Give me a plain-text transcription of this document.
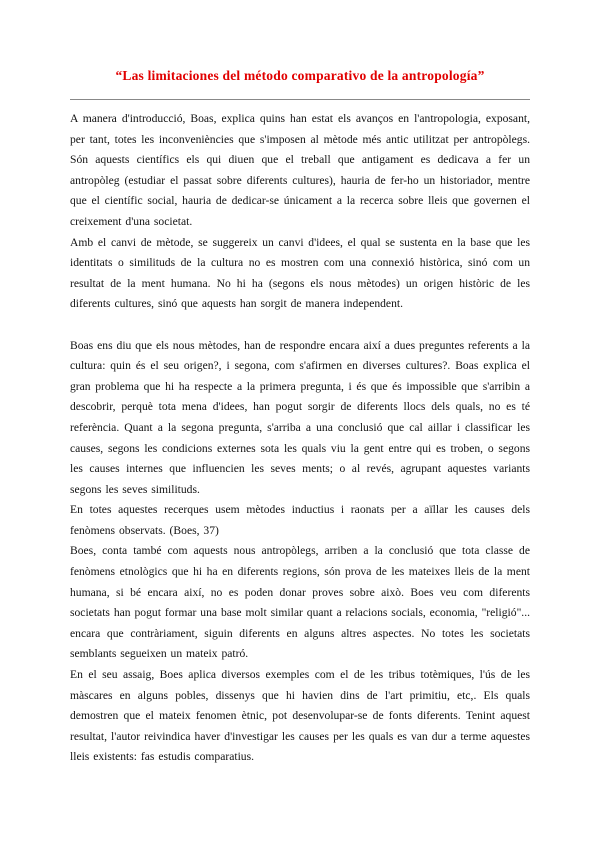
“Las limitaciones del método comparativo de la antropología”

A manera d'introducció, Boas, explica quins han estat els avanços en l'antropologia, exposant, per tant, totes les inconveniències que s'imposen al mètode més antic utilitzat per antropòlegs. Són aquests científics els qui diuen que el treball que antigament es dedicava a fer un antropòleg (estudiar el passat sobre diferents cultures), hauria de fer-ho un historiador, mentre que el científic social, hauria de dedicar-se únicament a la recerca sobre lleis que governen el creixement d'una societat.

Amb el canvi de mètode, se suggereix un canvi d'idees, el qual se sustenta en la base que les identitats o similituds de la cultura no es mostren com una connexió històrica, sinó com un resultat de la ment humana. No hi ha (segons els nous mètodes) un origen històric de les diferents cultures, sinó que aquests han sorgit de manera independent.

Boas ens diu que els nous mètodes, han de respondre encara així a dues preguntes referents a la cultura: quin és el seu origen?, i segona, com s'afirmen en diverses cultures?. Boas explica el gran problema que hi ha respecte a la primera pregunta, i és que és impossible que s'arribin a descobrir, perquè tota mena d'idees, han pogut sorgir de diferents llocs dels quals, no es té referència. Quant a la segona pregunta, s'arriba a una conclusió que cal aillar i classificar les causes, segons les condicions externes sota les quals viu la gent entre qui es troben, o segons les causes internes que influencien les seves ments; o al revés, agrupant aquestes variants segons les seves similituds.

En totes aquestes recerques usem mètodes inductius i raonats per a aïllar les causes dels fenòmens observats. (Boes, 37)

Boes, conta també com aquests nous antropòlegs, arriben a la conclusió que tota classe de fenòmens etnològics que hi ha en diferents regions, són prova de les mateixes lleis de la ment humana, si bé encara així, no es poden donar proves sobre això. Boes veu com diferents societats han pogut formar una base molt similar quant a relacions socials, economia, "religió"... encara que contràriament, siguin diferents en alguns altres aspectes. No totes les societats semblants segueixen un mateix patró.

En el seu assaig, Boes aplica diversos exemples com el de les tribus totèmiques, l'ús de les màscares en alguns pobles, dissenys que hi havien dins de l'art primitiu, etc,. Els quals demostren que el mateix fenomen ètnic, pot desenvolupar-se de fonts diferents. Tenint aquest resultat, l'autor reivindica haver d'investigar les causes per les quals es van dur a terme aquestes lleis existents: fas estudis comparatius.
